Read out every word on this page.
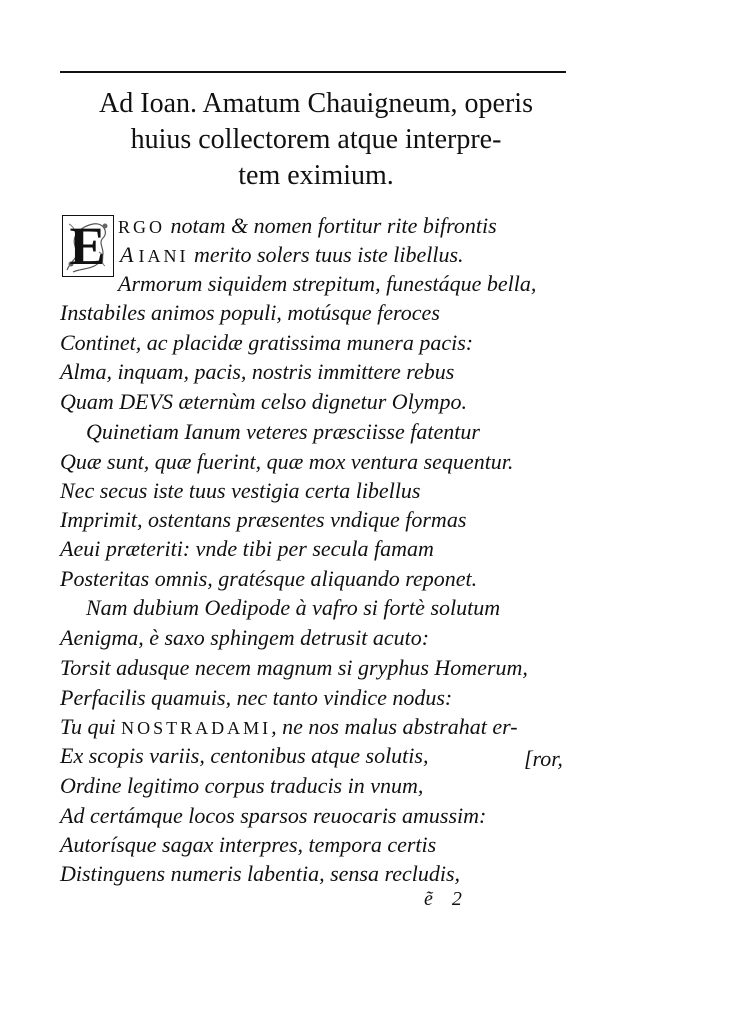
Ad Ioan. Amatum Chauigneum, operis
huius collectorem atque interpre-
tem eximium.
E RGO notam & nomen fortitur rite bifrontis
A IANI merito solers tuus iste libellus.
Armorum siquidem strepitum, funestáque bella,
Instabiles animos populi, motúsque feroces
Continet, ac placidæ gratissima munera pacis:
Alma, inquam, pacis, nostris immittere rebus
Quam DEVS æternùm celso dignetur Olympo.
Quinetiam Ianum veteres præsciisse fatentur
Quæ sunt, quæ fuerint, quæ mox ventura sequentur.
Nec secus iste tuus vestigia certa libellus
Imprimit, ostentans præsentes vndique formas
Aeui præteriti: vnde tibi per secula famam
Posteritas omnis, gratésque aliquando reponet.
Nam dubium Oedipode à vafro si fortè solutum
Aenigma, è saxo sphingem detrusit acuto:
Torsit adusque necem magnum si gryphus Homerum,
Perfacilis quamuis, nec tanto vindice nodus:
Tu qui NOSTRADAMI, ne nos malus abstrahat er-
Ex scopis variis, centonibus atque solutis,
Ordine legitimo corpus traducis in vnum,
Ad certámque locos sparsos reuocaris amussim:
Autorísque sagax interpres, tempora certis
Distinguens numeris labentia, sensa recludis,
[ror,
ẽ 2
